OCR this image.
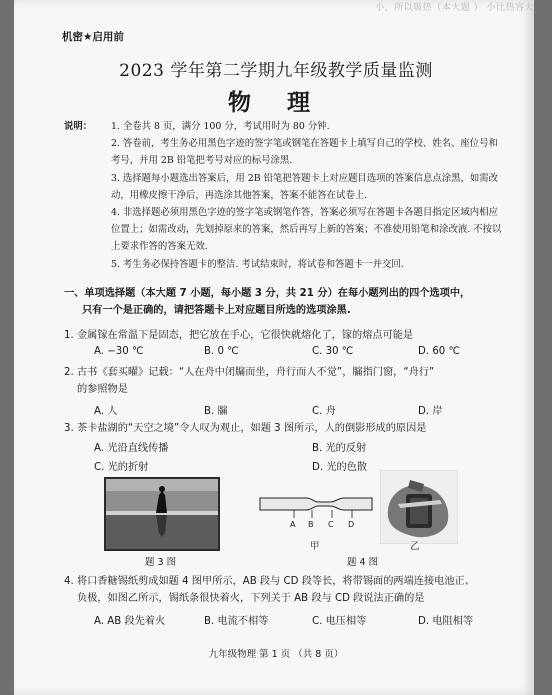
小，所以吸热（本大题 ） 小比热容大
机密★启用前
2023 学年第二学期九年级教学质量监测
物 理
说明：	1. 全卷共 8 页，满分 100 分，考试用时为 80 分钟.
2. 答卷前，考生务必用黑色字迹的签字笔或钢笔在答题卡上填写自己的学校、姓名、座位号和考号，并用 2B 铅笔把考号对应的标号涂黑.
3. 选择题每小题选出答案后，用 2B 铅笔把答题卡上对应题目选项的答案信息点涂黑，如需改动，用橡皮擦干净后，再选涂其他答案，答案不能答在试卷上.
4. 非选择题必须用黑色字迹的签字笔或钢笔作答，答案必须写在答题卡各题目指定区域内相应位置上；如需改动，先划掉原来的答案，然后再写上新的答案；不准使用铅笔和涂改液. 不按以上要求作答的答案无效.
5. 考生务必保持答题卡的整洁. 考试结束时，将试卷和答题卡一并交回.
一、单项选择题（本大题 7 小题，每小题 3 分，共 21 分）在每小题列出的四个选项中，
只有一个是正确的，请把答题卡上对应题目所选的选项涂黑.
1. 金属镓在常温下是固态，把它放在手心，它很快就熔化了，镓的熔点可能是
A. −30 ℃	B. 0 ℃	C. 30 ℃	D. 60 ℃
2. 古书《套买曜》记载：“人在舟中闭牖而坐，舟行而人不觉”，牖指门窗，“舟行”
的参照物是
A. 人	B. 牖	C. 舟	D. 岸
3. 茶卡盐湖的“天空之境”令人叹为观止，如题 3 图所示，人的倒影形成的原因是
A. 光沿直线传播	B. 光的反射
C. 光的折射	D. 光的色散
题 3 图
A B C D
甲	乙
题 4 图
4. 将口香糖锡纸剪成如题 4 图甲所示，AB 段与 CD 段等长，将带锡面的两端连接电池正、
负极，如图乙所示，锡纸条很快着火，下列关于 AB 段与 CD 段说法正确的是
A. AB 段先着火	B. 电流不相等	C. 电压相等	D. 电阻相等
九年级物理 第 1 页 （共 8 页）
